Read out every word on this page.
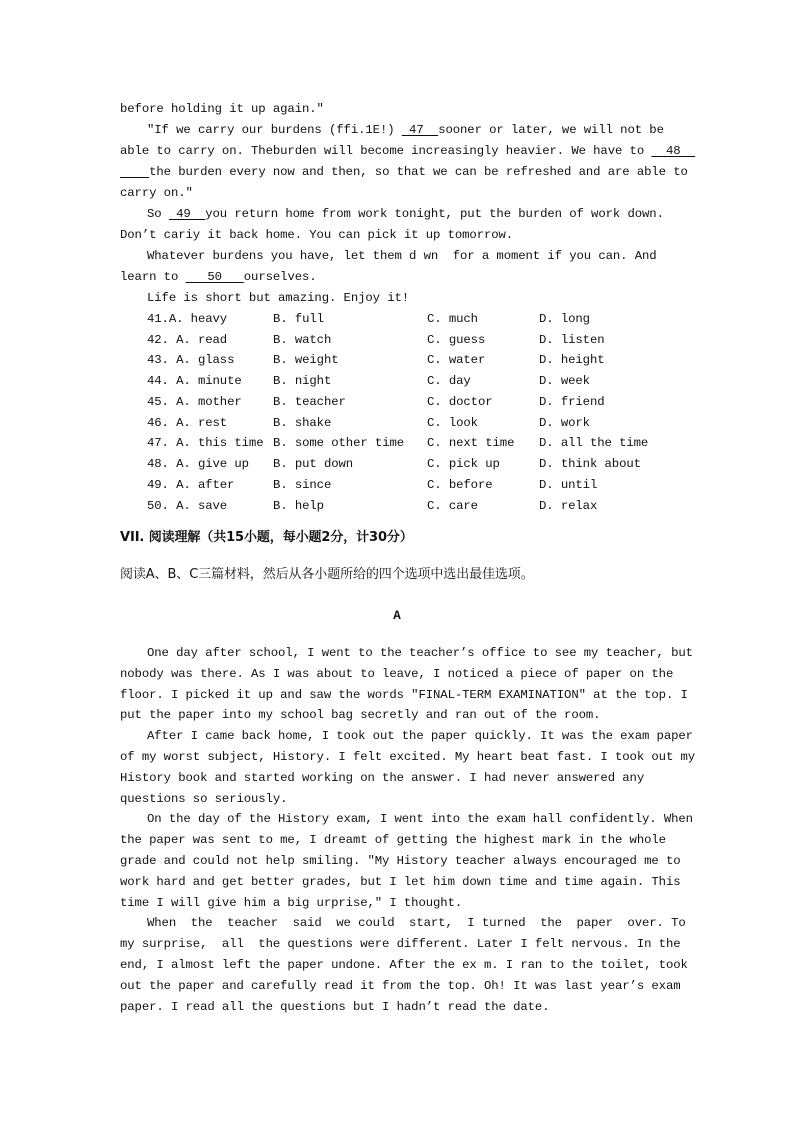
before holding it up again.″
″If we carry our burdens (ffi.1E!)  47  sooner or later, we will not be
able to carry on. Theburden will become increasingly heavier. We have to   48
the burden every now and then, so that we can be refreshed and are able to
carry on.″
So  49  you return home from work tonight, put the burden of work down.
Don’t cariy it back home. You can pick it up tomorrow.
Whatever burdens you have, let them d wn  for a moment if you can. And
learn to    50   ourselves.
Life is short but amazing. Enjoy it!
41.A. heavy	B. full	C. much	D. long
42. A. read	B. watch	C. guess	D. listen
43. A. glass	B. weight	C. water	D. height
44. A. minute	B. night	C. day	D. week
45. A. mother	B. teacher	C. doctor	D. friend
46. A. rest	B. shake	C. look	D. work
47. A. this time B. some other time C. next time D. all the time
48. A. give up B. put down	C. pick up	D. think about
49. A. after	B. since	C. before	D. until
50. A. save	B. help	C. care	D. relax
VII. 阅读理解（共15小题，每小题2分，计30分）
阅读A、B、C三篇材料，然后从各小题所给的四个选项中选出最佳选项。
A
One day after school, I went to the teacher’s office to see my teacher, but
nobody was there. As I was about to leave, I noticed a piece of paper on the
floor. I picked it up and saw the words ″FINAL-TERM EXAMINATION″ at the top. I
put the paper into my school bag secretly and ran out of the room.
After I came back home, I took out the paper quickly. It was the exam paper
of my worst subject, History. I felt excited. My heart beat fast. I took out my
History book and started working on the answer. I had never answered any
questions so seriously.
On the day of the History exam, I went into the exam hall confidently. When
the paper was sent to me, I dreamt of getting the highest mark in the whole
grade and could not help smiling. ″My History teacher always encouraged me to
work hard and get better grades, but I let him down time and time again. This
time I will give him a big urprise,″ I thought.
When  the  teacher  said  we could  start,  I turned  the  paper  over. To
my surprise,  all  the questions were different. Later I felt nervous. In the
end, I almost left the paper undone. After the ex m. I ran to the toilet, took
out the paper and carefully read it from the top. Oh! It was last year’s exam
paper. I read all the questions but I hadn’t read the date.
